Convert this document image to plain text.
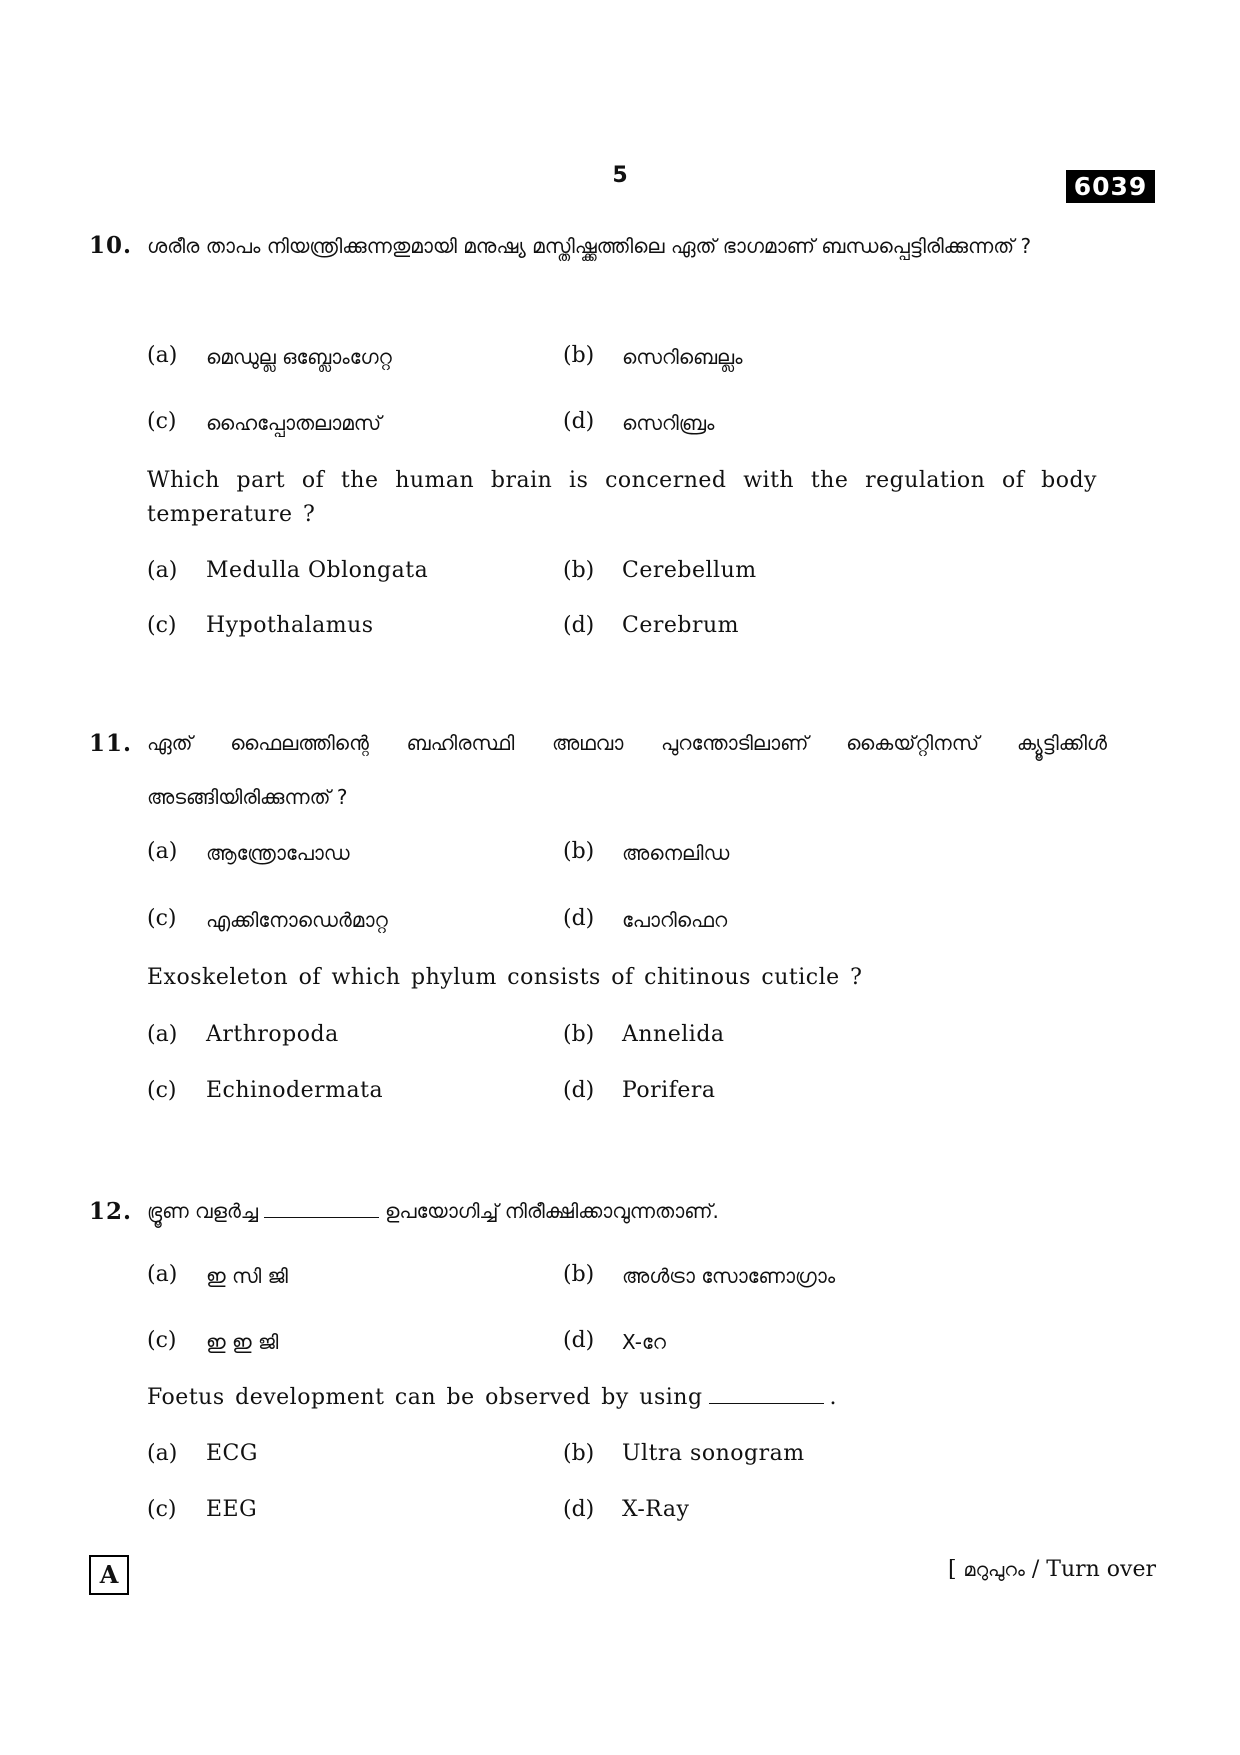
5	6039
10. ശരീര താപം നിയന്ത്രിക്കുന്നതുമായി മനുഷ്യ മസ്തിഷ്ക്കത്തിലെ ഏത് ഭാഗമാണ് ബന്ധപ്പെട്ടിരിക്കുന്നത് ?
(a) മെഡുല്ല ഒബ്ലോംഗേറ്റ	(b) സെറിബെല്ലം
(c) ഹൈപ്പോതലാമസ്	(d) സെറിബ്രം
Which part of the human brain is concerned with the regulation of body temperature ?
(a) Medulla Oblongata	(b) Cerebellum
(c) Hypothalamus	(d) Cerebrum
11. ഏത് ഫൈലത്തിന്റെ ബഹിരസ്ഥി അഥവാ പുറന്തോടിലാണ് കൈയ്റ്റിനസ് ക്യൂട്ടിക്കിൾ അടങ്ങിയിരിക്കുന്നത് ?
(a) ആന്ത്രോപോഡ	(b) അനെലിഡ
(c) എക്കിനോഡെർമാറ്റ	(d) പോറിഫെറ
Exoskeleton of which phylum consists of chitinous cuticle ?
(a) Arthropoda	(b) Annelida
(c) Echinodermata	(d) Porifera
12. ഭ്രൂണ വളർച്ച	ഉപയോഗിച്ച് നിരീക്ഷിക്കാവുന്നതാണ്.
(a) ഇ സി ജി	(b) അൾട്രാ സോണോഗ്രാം
(c) ഇ ഇ ജി	(d) X-റേ
Foetus development can be observed by using	.
(a) ECG	(b) Ultra sonogram
(c) EEG	(d) X-Ray
A	[ മറുപുറം / Turn over
